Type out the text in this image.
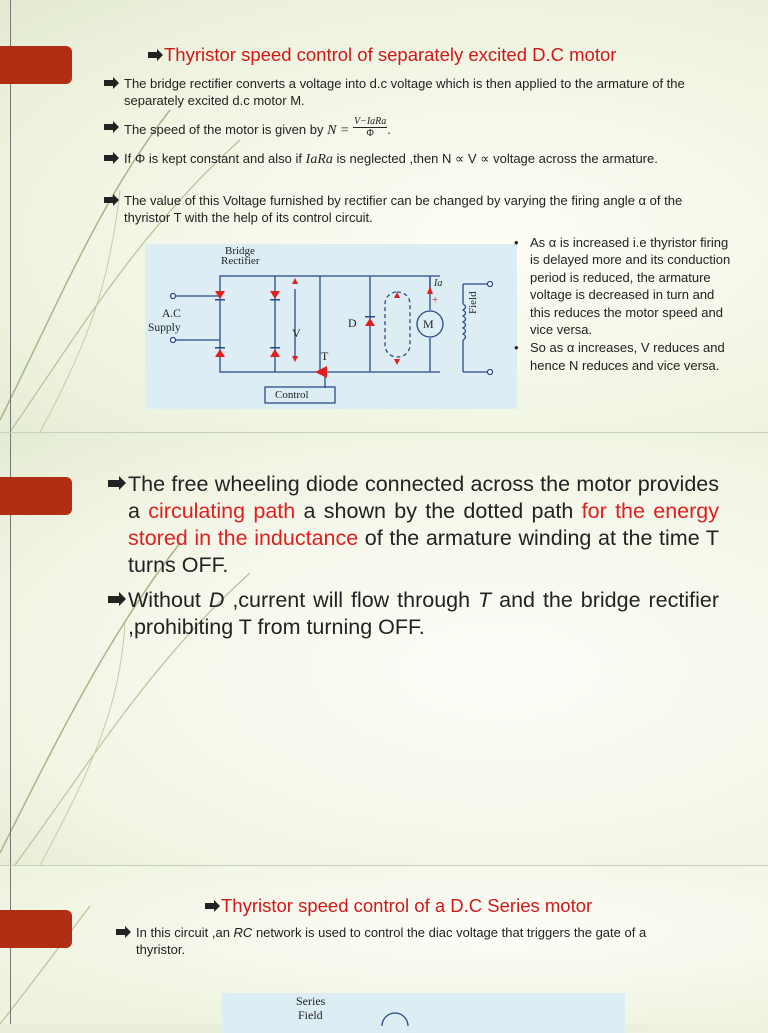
Thyristor speed control of separately excited D.C motor
The bridge rectifier converts a voltage into d.c voltage which is then applied to the armature of the separately excited d.c motor M.
The speed of the motor is given by N =
V−IaRa
Φ	.
If Φ is kept constant and also if IaRa is neglected ,then N ∝ V ∝ voltage across the armature.
The value of this Voltage furnished by rectifier can be changed by varying the firing angle α of the thyristor T with the help of its control circuit.
Bridge
Rectifier
A.C
Supply	V
T
D	M
Ia
+	Field
Control
• As α is increased i.e thyristor firing is delayed more and its conduction period is reduced, the armature voltage is decreased in turn and this reduces the motor speed and vice versa.
• So as α increases, V reduces and hence N reduces and vice versa.
The free wheeling diode connected across the motor provides a circulating path a shown by the dotted path for the energy stored in the inductance of the armature winding at the time T turns OFF.
Without D ,current will flow through T and the bridge rectifier ,prohibiting T from turning OFF.
Thyristor speed control of a D.C Series motor
In this circuit ,an RC network is used to control the diac voltage that triggers the gate of a thyristor.
Series
Field
